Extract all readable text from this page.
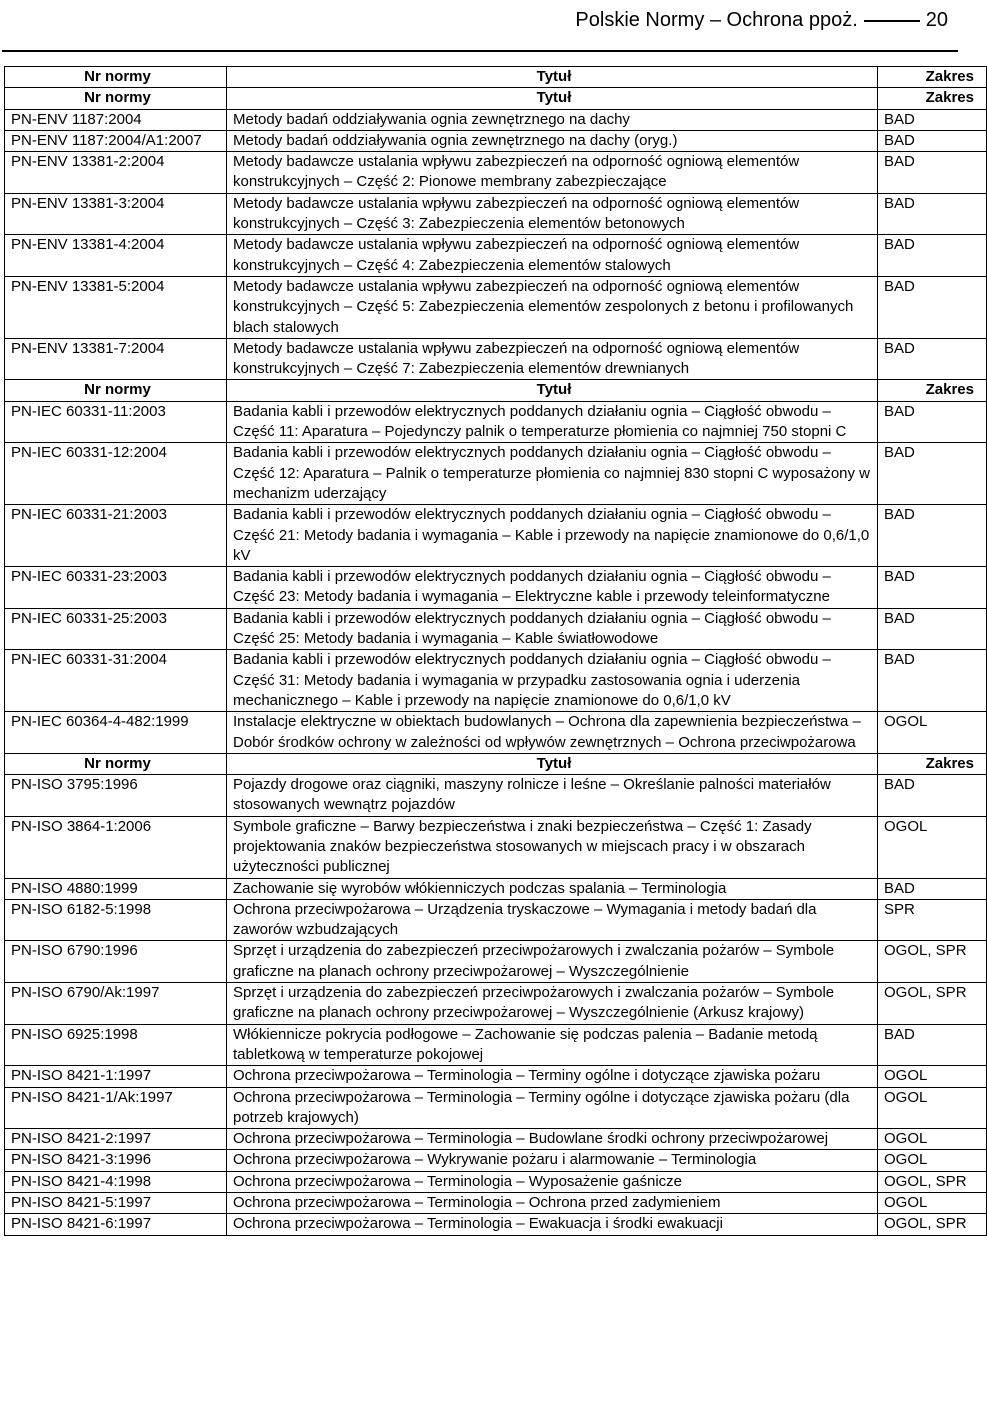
Polskie Normy – Ochrona ppoż.	20
Nr normy	Tytuł	Zakres
Nr normy	Tytuł	Zakres
PN-ENV 1187:2004	Metody badań oddziaływania ognia zewnętrznego na dachy	BAD
PN-ENV 1187:2004/A1:2007	Metody badań oddziaływania ognia zewnętrznego na dachy (oryg.)	BAD
PN-ENV 13381-2:2004	Metody badawcze ustalania wpływu zabezpieczeń na odporność ogniową elementów konstrukcyjnych – Część 2: Pionowe membrany zabezpieczające	BAD
PN-ENV 13381-3:2004	Metody badawcze ustalania wpływu zabezpieczeń na odporność ogniową elementów konstrukcyjnych – Część 3: Zabezpieczenia elementów betonowych	BAD
PN-ENV 13381-4:2004	Metody badawcze ustalania wpływu zabezpieczeń na odporność ogniową elementów konstrukcyjnych – Część 4: Zabezpieczenia elementów stalowych	BAD
PN-ENV 13381-5:2004	Metody badawcze ustalania wpływu zabezpieczeń na odporność ogniową elementów konstrukcyjnych – Część 5: Zabezpieczenia elementów zespolonych z betonu i profilowanych blach stalowych	BAD
PN-ENV 13381-7:2004	Metody badawcze ustalania wpływu zabezpieczeń na odporność ogniową elementów konstrukcyjnych – Część 7: Zabezpieczenia elementów drewnianych	BAD
Nr normy	Tytuł	Zakres
PN-IEC 60331-11:2003	Badania kabli i przewodów elektrycznych poddanych działaniu ognia – Ciągłość obwodu – Część 11: Aparatura – Pojedynczy palnik o temperaturze płomienia co najmniej 750 stopni C	BAD
PN-IEC 60331-12:2004	Badania kabli i przewodów elektrycznych poddanych działaniu ognia – Ciągłość obwodu – Część 12: Aparatura – Palnik o temperaturze płomienia co najmniej 830 stopni C wyposażony w mechanizm uderzający	BAD
PN-IEC 60331-21:2003	Badania kabli i przewodów elektrycznych poddanych działaniu ognia – Ciągłość obwodu – Część 21: Metody badania i wymagania – Kable i przewody na napięcie znamionowe do 0,6/1,0 kV	BAD
PN-IEC 60331-23:2003	Badania kabli i przewodów elektrycznych poddanych działaniu ognia – Ciągłość obwodu – Część 23: Metody badania i wymagania – Elektryczne kable i przewody teleinformatyczne	BAD
PN-IEC 60331-25:2003	Badania kabli i przewodów elektrycznych poddanych działaniu ognia – Ciągłość obwodu – Część 25: Metody badania i wymagania – Kable światłowodowe	BAD
PN-IEC 60331-31:2004	Badania kabli i przewodów elektrycznych poddanych działaniu ognia – Ciągłość obwodu – Część 31: Metody badania i wymagania w przypadku zastosowania ognia i uderzenia mechanicznego – Kable i przewody na napięcie znamionowe do 0,6/1,0 kV	BAD
PN-IEC 60364-4-482:1999	Instalacje elektryczne w obiektach budowlanych – Ochrona dla zapewnienia bezpieczeństwa – Dobór środków ochrony w zależności od wpływów zewnętrznych – Ochrona przeciwpożarowa	OGOL
Nr normy	Tytuł	Zakres
PN-ISO 3795:1996	Pojazdy drogowe oraz ciągniki, maszyny rolnicze i leśne – Określanie palności materiałów stosowanych wewnątrz pojazdów	BAD
PN-ISO 3864-1:2006	Symbole graficzne – Barwy bezpieczeństwa i znaki bezpieczeństwa – Część 1: Zasady projektowania znaków bezpieczeństwa stosowanych w miejscach pracy i w obszarach użyteczności publicznej	OGOL
PN-ISO 4880:1999	Zachowanie się wyrobów włókienniczych podczas spalania – Terminologia	BAD
PN-ISO 6182-5:1998	Ochrona przeciwpożarowa – Urządzenia tryskaczowe – Wymagania i metody badań dla zaworów wzbudzających	SPR
PN-ISO 6790:1996	Sprzęt i urządzenia do zabezpieczeń przeciwpożarowych i zwalczania pożarów – Symbole graficzne na planach ochrony przeciwpożarowej – Wyszczególnienie	OGOL, SPR
PN-ISO 6790/Ak:1997	Sprzęt i urządzenia do zabezpieczeń przeciwpożarowych i zwalczania pożarów – Symbole graficzne na planach ochrony przeciwpożarowej – Wyszczególnienie (Arkusz krajowy)	OGOL, SPR
PN-ISO 6925:1998	Włókiennicze pokrycia podłogowe – Zachowanie się podczas palenia – Badanie metodą tabletkową w temperaturze pokojowej	BAD
PN-ISO 8421-1:1997	Ochrona przeciwpożarowa – Terminologia – Terminy ogólne i dotyczące zjawiska pożaru	OGOL
PN-ISO 8421-1/Ak:1997	Ochrona przeciwpożarowa – Terminologia – Terminy ogólne i dotyczące zjawiska pożaru (dla potrzeb krajowych)	OGOL
PN-ISO 8421-2:1997	Ochrona przeciwpożarowa – Terminologia – Budowlane środki ochrony przeciwpożarowej	OGOL
PN-ISO 8421-3:1996	Ochrona przeciwpożarowa – Wykrywanie pożaru i alarmowanie – Terminologia	OGOL
PN-ISO 8421-4:1998	Ochrona przeciwpożarowa – Terminologia – Wyposażenie gaśnicze	OGOL, SPR
PN-ISO 8421-5:1997	Ochrona przeciwpożarowa – Terminologia – Ochrona przed zadymieniem	OGOL
PN-ISO 8421-6:1997	Ochrona przeciwpożarowa – Terminologia – Ewakuacja i środki ewakuacji	OGOL, SPR
